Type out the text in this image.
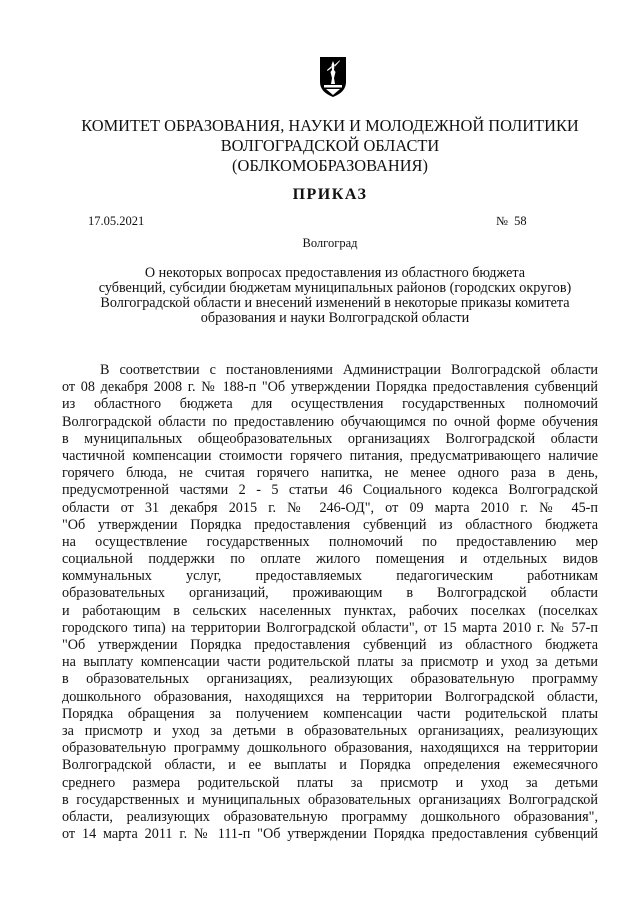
КОМИТЕТ ОБРАЗОВАНИЯ, НАУКИ И МОЛОДЕЖНОЙ ПОЛИТИКИ
ВОЛГОГРАДСКОЙ ОБЛАСТИ
(ОБЛКОМОБРАЗОВАНИЯ)
ПРИКАЗ
17.05.2021	№  58
Волгоград
О некоторых вопросах предоставления из областного бюджета
субвенций, субсидии бюджетам муниципальных районов (городских округов)
Волгоградской области и внесений изменений в некоторые приказы комитета
образования и науки Волгоградской области
В соответствии с постановлениями Администрации Волгоградской области
от 08 декабря 2008 г. № 188-п "Об утверждении Порядка предоставления субвенций
из областного бюджета для осуществления государственных полномочий
Волгоградской области по предоставлению обучающимся по очной форме обучения
в муниципальных общеобразовательных организациях Волгоградской области
частичной компенсации стоимости горячего питания, предусматривающего наличие
горячего блюда, не считая горячего напитка, не менее одного раза в день,
предусмотренной частями 2 - 5 статьи 46 Социального кодекса Волгоградской
области от 31 декабря 2015 г. № 246-ОД", от 09 марта 2010 г. № 45-п
"Об утверждении Порядка предоставления субвенций из областного бюджета
на осуществление государственных полномочий по предоставлению мер
социальной поддержки по оплате жилого помещения и отдельных видов
коммунальных услуг, предоставляемых педагогическим работникам
образовательных организаций, проживающим в Волгоградской области
и работающим в сельских населенных пунктах, рабочих поселках (поселках
городского типа) на территории Волгоградской области", от 15 марта 2010 г. № 57-п
"Об утверждении Порядка предоставления субвенций из областного бюджета
на выплату компенсации части родительской платы за присмотр и уход за детьми
в образовательных организациях, реализующих образовательную программу
дошкольного образования, находящихся на территории Волгоградской области,
Порядка обращения за получением компенсации части родительской платы
за присмотр и уход за детьми в образовательных организациях, реализующих
образовательную программу дошкольного образования, находящихся на территории
Волгоградской области, и ее выплаты и Порядка определения ежемесячного
среднего размера родительской платы за присмотр и уход за детьми
в государственных и муниципальных образовательных организациях Волгоградской
области, реализующих образовательную программу дошкольного образования",
от 14 марта 2011 г. № 111-п "Об утверждении Порядка предоставления субвенций
